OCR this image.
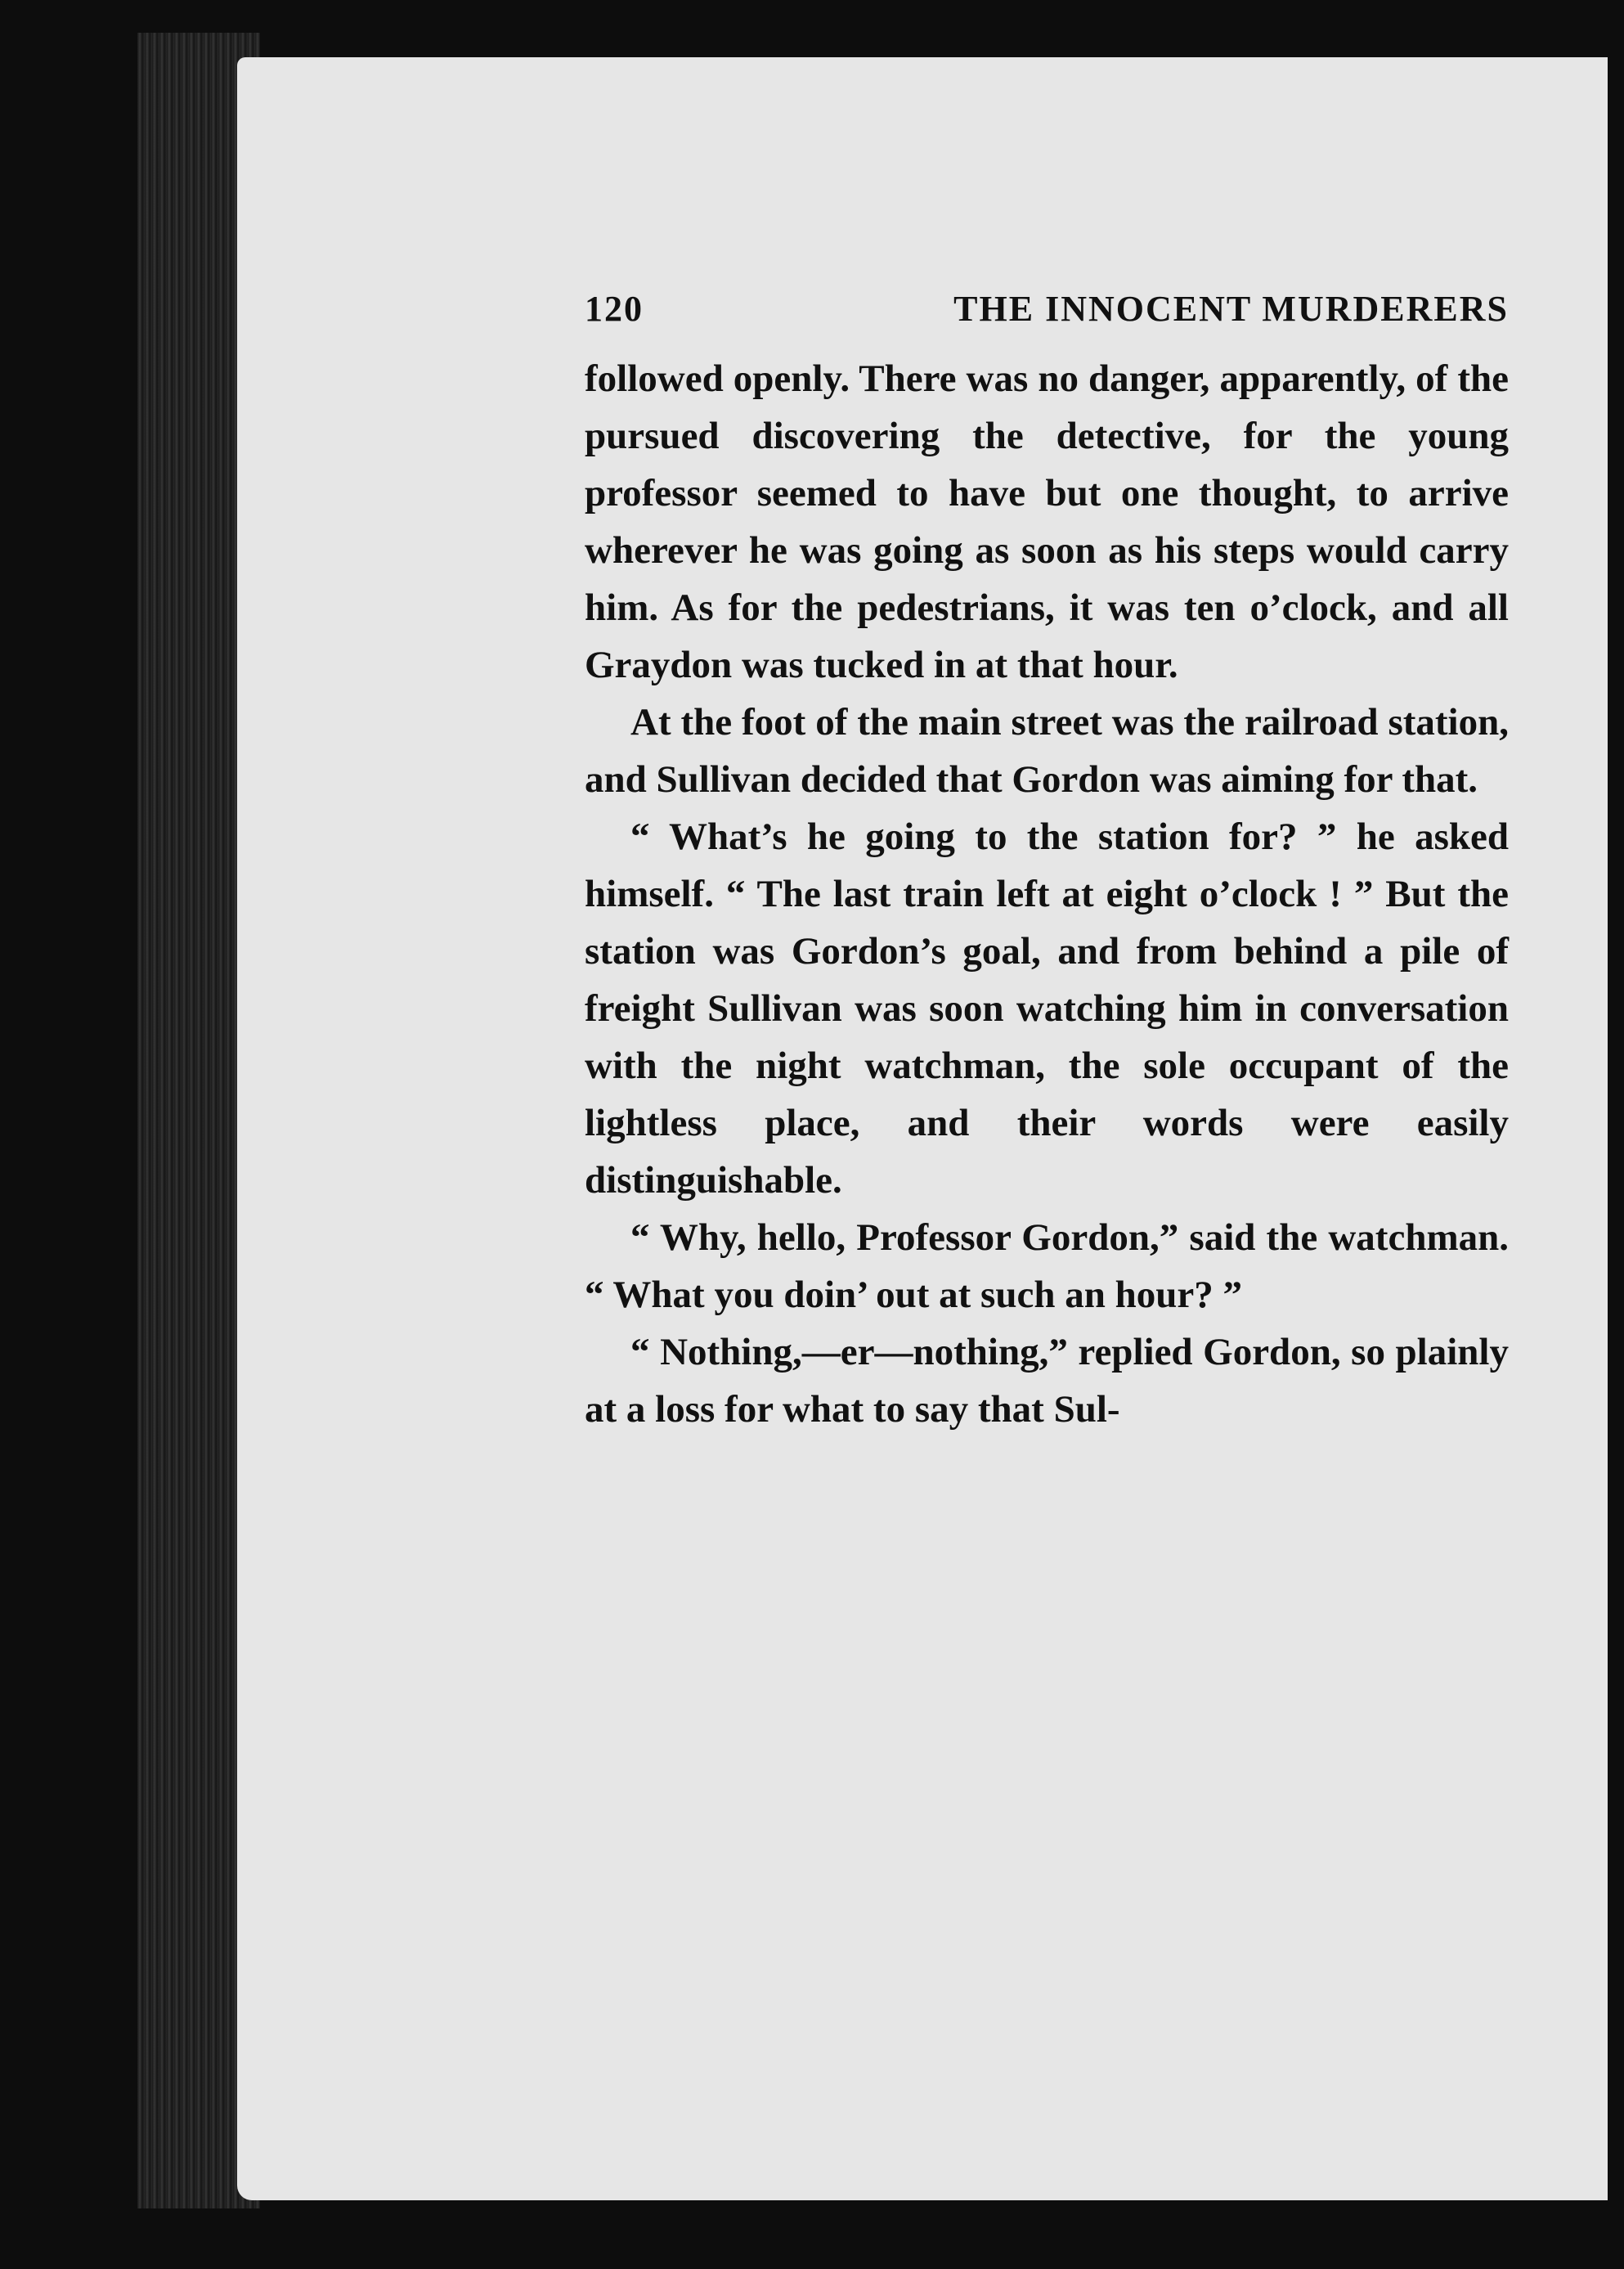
120	THE INNOCENT MURDERERS

followed openly. There was no danger, apparently, of the pursued discovering the detective, for the young professor seemed to have but one thought, to arrive wherever he was going as soon as his steps would carry him. As for the pedestrians, it was ten o’clock, and all Graydon was tucked in at that hour.

At the foot of the main street was the railroad station, and Sullivan decided that Gordon was aiming for that.

“ What’s he going to the station for? ” he asked himself. “ The last train left at eight o’clock ! ” But the station was Gordon’s goal, and from behind a pile of freight Sullivan was soon watching him in conversation with the night watchman, the sole occupant of the lightless place, and their words were easily distinguishable.

“ Why, hello, Professor Gordon,” said the watchman. “ What you doin’ out at such an hour? ”

“ Nothing,—er—nothing,” replied Gordon, so plainly at a loss for what to say that Sul-
